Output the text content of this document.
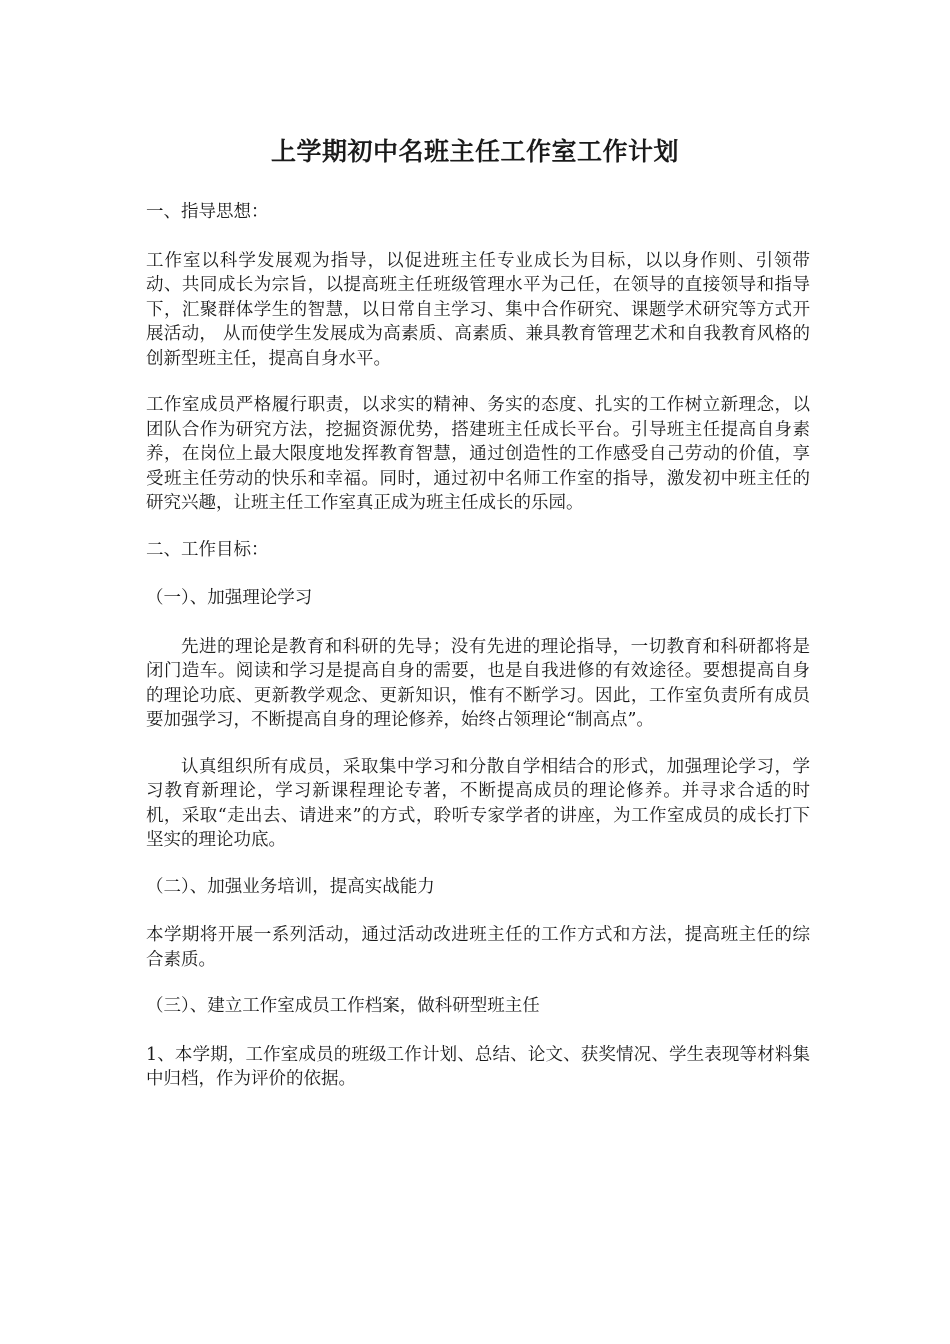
上学期初中名班主任工作室工作计划

一、指导思想：

工作室以科学发展观为指导，以促进班主任专业成长为目标，以以身作则、引领带动、共同成长为宗旨，以提高班主任班级管理水平为己任，在领导的直接领导和指导下，汇聚群体学生的智慧，以日常自主学习、集中合作研究、课题学术研究等方式开展活动， 从而使学生发展成为高素质、高素质、兼具教育管理艺术和自我教育风格的创新型班主任，提高自身水平。

工作室成员严格履行职责，以求实的精神、务实的态度、扎实的工作树立新理念，以团队合作为研究方法，挖掘资源优势，搭建班主任成长平台。引导班主任提高自身素养，在岗位上最大限度地发挥教育智慧，通过创造性的工作感受自己劳动的价值，享受班主任劳动的快乐和幸福。同时，通过初中名师工作室的指导，激发初中班主任的研究兴趣，让班主任工作室真正成为班主任成长的乐园。

二、工作目标：

（一）、加强理论学习

先进的理论是教育和科研的先导；没有先进的理论指导，一切教育和科研都将是闭门造车。阅读和学习是提高自身的需要，也是自我进修的有效途径。要想提高自身的理论功底、更新教学观念、更新知识，惟有不断学习。因此，工作室负责所有成员要加强学习，不断提高自身的理论修养，始终占领理论“制高点”。

认真组织所有成员，采取集中学习和分散自学相结合的形式，加强理论学习，学习教育新理论，学习新课程理论专著，不断提高成员的理论修养。并寻求合适的时机，采取“走出去、请进来”的方式，聆听专家学者的讲座，为工作室成员的成长打下坚实的理论功底。

（二）、加强业务培训，提高实战能力

本学期将开展一系列活动，通过活动改进班主任的工作方式和方法，提高班主任的综合素质。

（三）、建立工作室成员工作档案，做科研型班主任

1、本学期，工作室成员的班级工作计划、总结、论文、获奖情况、学生表现等材料集中归档，作为评价的依据。
